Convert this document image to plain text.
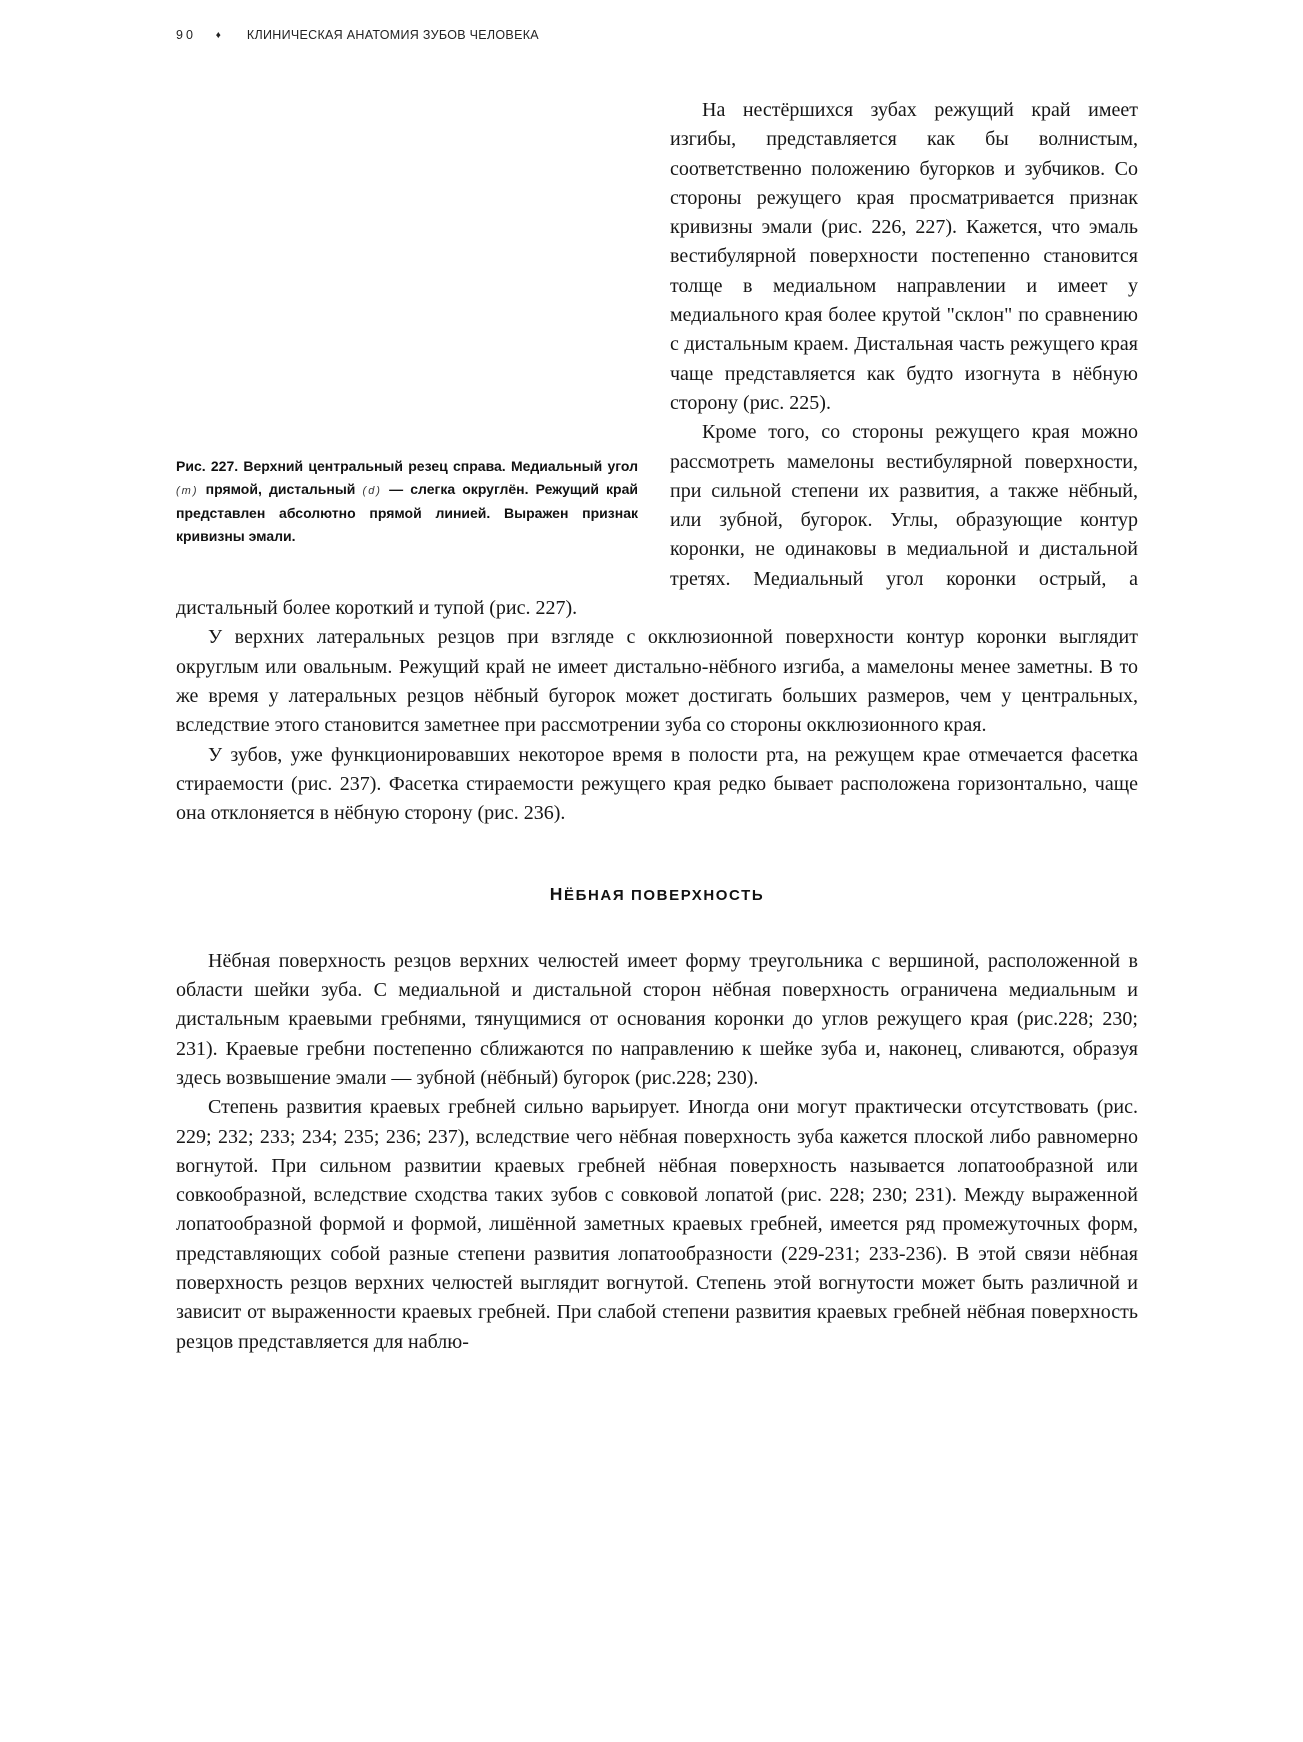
90 ♦ КЛИНИЧЕСКАЯ АНАТОМИЯ ЗУБОВ ЧЕЛОВЕКА
Рис. 227. Верхний центральный резец справа. Медиальный угол (m) прямой, дистальный (d) — слегка округлён. Режущий край представлен абсолютно прямой линией. Выражен признак кривизны эмали.

На нестёршихся зубах режущий край имеет изгибы, представляется как бы волнистым, соответственно положению бугорков и зубчиков. Со стороны режущего края просматривается признак кривизны эмали (рис. 226, 227). Кажется, что эмаль вестибулярной поверхности постепенно становится толще в медиальном направлении и имеет у медиального края более крутой "склон" по сравнению с дистальным краем. Дистальная часть режущего края чаще представляется как будто изогнута в нёбную сторону (рис. 225).

Кроме того, со стороны режущего края можно рассмотреть мамелоны вестибулярной поверхности, при сильной степени их развития, а также нёбный, или зубной, бугорок. Углы, образующие контур коронки, не одинаковы в медиальной и дистальной третях. Медиальный угол коронки острый, а дистальный более короткий и тупой (рис. 227).

У верхних латеральных резцов при взгляде с окклюзионной поверхности контур коронки выглядит округлым или овальным. Режущий край не имеет дистально-нёбного изгиба, а мамелоны менее заметны. В то же время у латеральных резцов нёбный бугорок может достигать больших размеров, чем у центральных, вследствие этого становится заметнее при рассмотрении зуба со стороны окклюзионного края.

У зубов, уже функционировавших некоторое время в полости рта, на режущем крае отмечается фасетка стираемости (рис. 237). Фасетка стираемости режущего края редко бывает расположена горизонтально, чаще она отклоняется в нёбную сторону (рис. 236).

НЁБНАЯ ПОВЕРХНОСТЬ

Нёбная поверхность резцов верхних челюстей имеет форму треугольника с вершиной, расположенной в области шейки зуба. С медиальной и дистальной сторон нёбная поверхность ограничена медиальным и дистальным краевыми гребнями, тянущимися от основания коронки до углов режущего края (рис.228; 230; 231). Краевые гребни постепенно сближаются по направлению к шейке зуба и, наконец, сливаются, образуя здесь возвышение эмали — зубной (нёбный) бугорок (рис.228; 230).

Степень развития краевых гребней сильно варьирует. Иногда они могут практически отсутствовать (рис. 229; 232; 233; 234; 235; 236; 237), вследствие чего нёбная поверхность зуба кажется плоской либо равномерно вогнутой. При сильном развитии краевых гребней нёбная поверхность называется лопатообразной или совкообразной, вследствие сходства таких зубов с совковой лопатой (рис. 228; 230; 231). Между выраженной лопатообразной формой и формой, лишённой заметных краевых гребней, имеется ряд промежуточных форм, представляющих собой разные степени развития лопатообразности (229-231; 233-236). В этой связи нёбная поверхность резцов верхних челюстей выглядит вогнутой. Степень этой вогнутости может быть различной и зависит от выраженности краевых гребней. При слабой степени развития краевых гребней нёбная поверхность резцов представляется для наблю-
